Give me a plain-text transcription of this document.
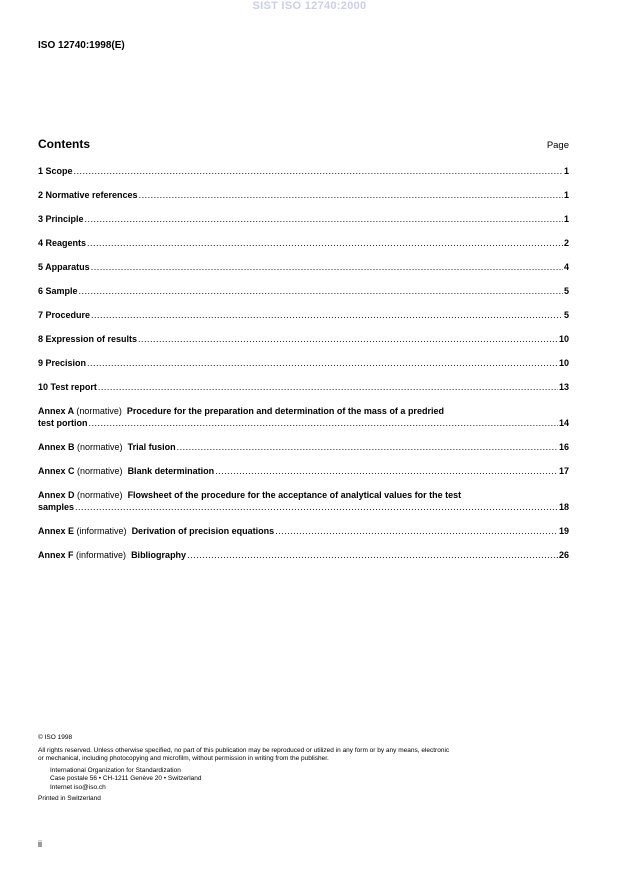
SIST ISO 12740:2000
ISO 12740:1998(E)
Contents	Page
1 Scope .....	1
2 Normative references .....	1
3 Principle .....	1
4 Reagents .....	2
5 Apparatus .....	4
6 Sample .....	5
7 Procedure .....	5
8 Expression of results .....	10
9 Precision .....	10
10 Test report .....	13
Annex A (normative) Procedure for the preparation and determination of the mass of a predried
test portion .....	14
Annex B (normative) Trial fusion .....	16
Annex C (normative) Blank determination .....	17
Annex D (normative) Flowsheet of the procedure for the acceptance of analytical values for the test
samples .....	18
Annex E (informative) Derivation of precision equations .....	19
Annex F (informative) Bibliography .....	26
© ISO 1998
All rights reserved. Unless otherwise specified, no part of this publication may be reproduced or utilized in any form or by any means, electronic
or mechanical, including photocopying and microfilm, without permission in writing from the publisher.
International Organization for Standardization
Case postale 56 • CH-1211 Genève 20 • Switzerland
Internet iso@iso.ch
Printed in Switzerland
ii
